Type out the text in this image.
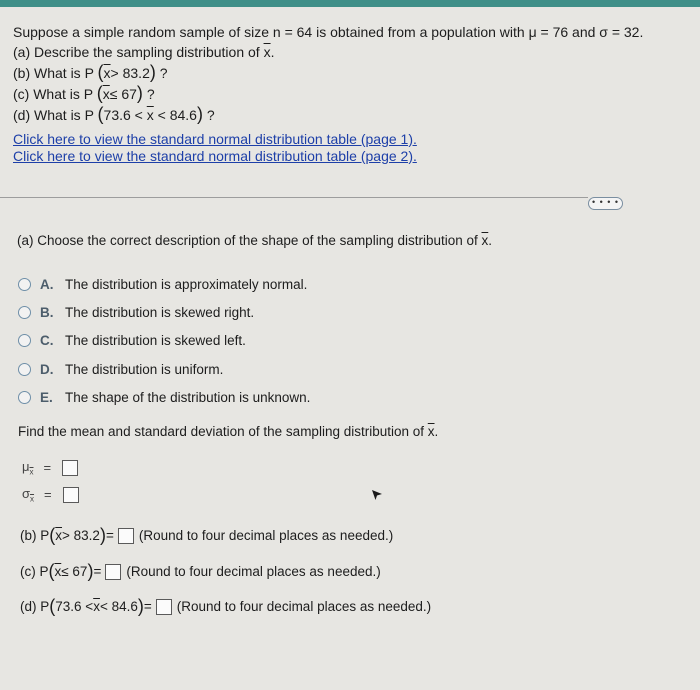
Suppose a simple random sample of size n = 64 is obtained from a population with μ = 76 and σ = 32.
(a) Describe the sampling distribution of $\overline{x}$.
(b) What is P $(\overline{x}> 83.2)$ ?
(c) What is P $(\overline{x}\le 67)$ ?
(d) What is P $(73.6 < \overline{x} < 84.6)$ ?
Click here to view the standard normal distribution table (page 1).
Click here to view the standard normal distribution table (page 2).
• • • •
(a) Choose the correct description of the shape of the sampling distribution of $\overline{x}$.
A. The distribution is approximately normal.
B. The distribution is skewed right.
C. The distribution is skewed left.
D. The distribution is uniform.
E. The shape of the distribution is unknown.
Find the mean and standard deviation of the sampling distribution of $\overline{x}$.
$\mu_{\overline{x}}$ =
$\sigma_{\overline{x}}$ =
(b) P ( $\overline{x} > 83.2$ ) = (Round to four decimal places as needed.)
(c) P ( $\overline{x} \le 67$ ) = (Round to four decimal places as needed.)
(d) P ( $73.6 < \overline{x} < 84.6$ ) = (Round to four decimal places as needed.)
